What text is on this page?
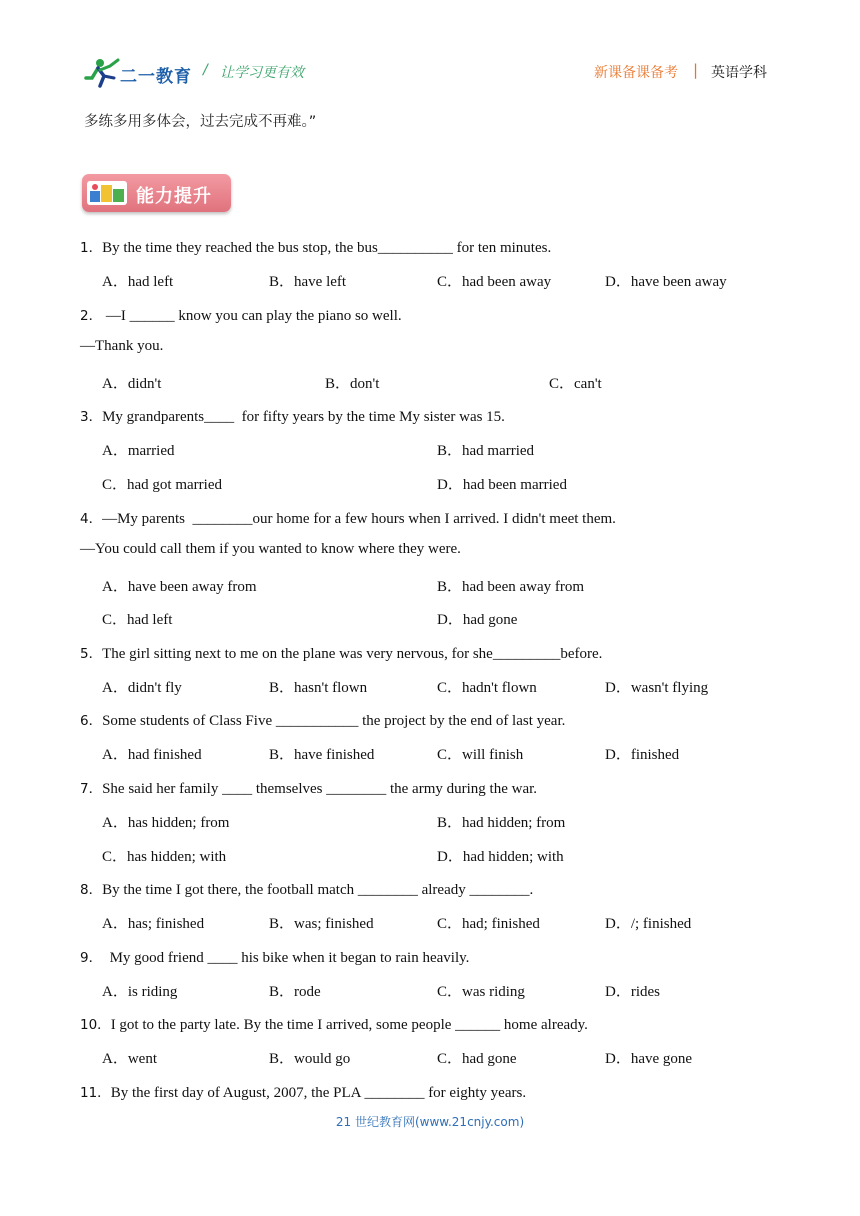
二一教育 / 让学习更有效	新课备课备考 | 英语学科
多练多用多体会，过去完成不再难。”
能力提升
1．By the time they reached the bus stop, the bus__________ for ten minutes.
A．had left	B．have left	C．had been away	D．have been away
2． —I ______ know you can play the piano so well.
—Thank you.
A．didn't	B．don't	C．can't
3．My grandparents____  for fifty years by the time My sister was 15.
A．married	B．had married
C．had got married	D．had been married
4．—My parents  ________our home for a few hours when I arrived. I didn't meet them.
—You could call them if you wanted to know where they were.
A．have been away from	B．had been away from
C．had left	D．had gone
5．The girl sitting next to me on the plane was very nervous, for she_________before.
A．didn't fly	B．hasn't flown	C．hadn't flown	D．wasn't flying
6．Some students of Class Five ___________ the project by the end of last year.
A．had finished	B．have finished	C．will finish	D．finished
7．She said her family ____ themselves ________ the army during the war.
A．has hidden; from	B．had hidden; from
C．has hidden; with	D．had hidden; with
8．By the time I got there, the football match ________ already ________.
A．has; finished	B．was; finished	C．had; finished	D．/; finished
9．  My good friend ____ his bike when it began to rain heavily.
A．is riding	B．rode	C．was riding	D．rides
10．I got to the party late. By the time I arrived, some people ______ home already.
A．went	B．would go	C．had gone	D．have gone
11．By the first day of August, 2007, the PLA ________ for eighty years.
21 世纪教育网(www.21cnjy.com)
